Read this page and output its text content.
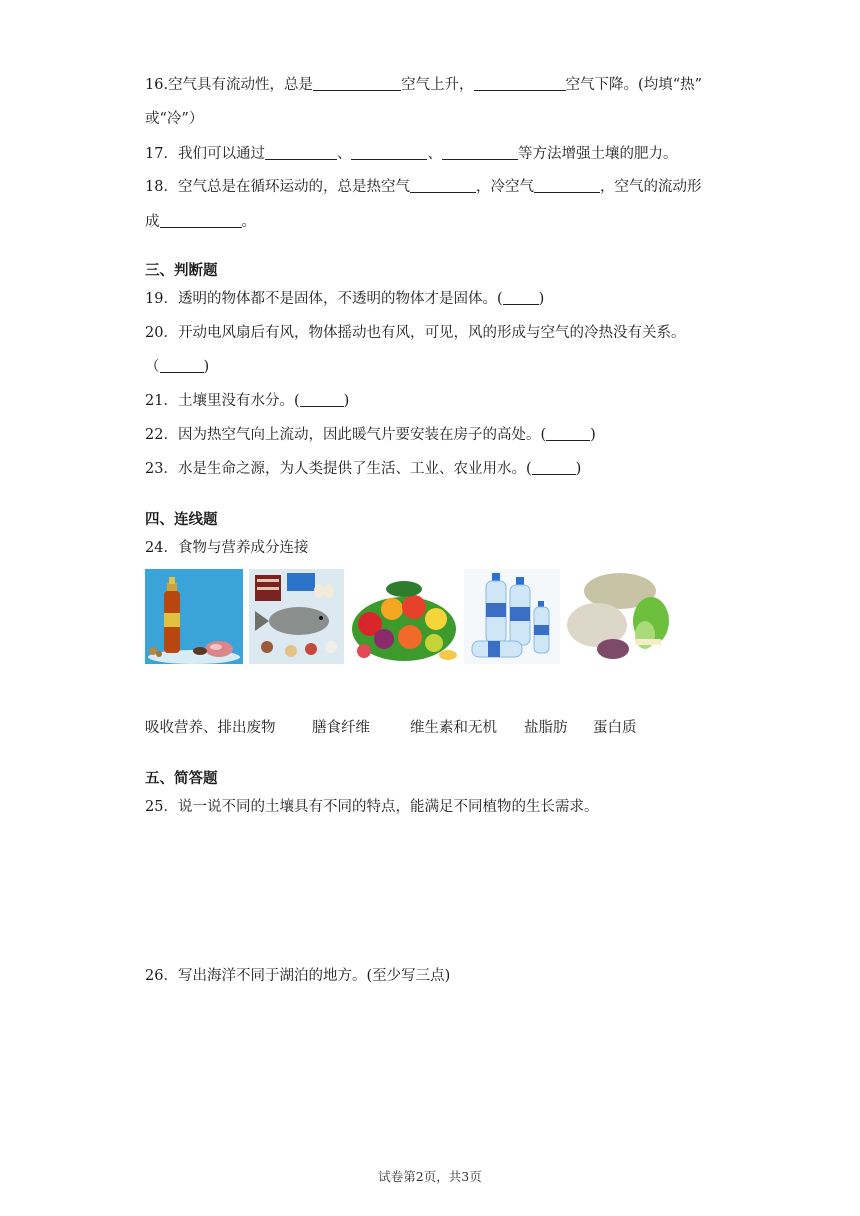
16.空气具有流动性，总是	空气上升，	空气下降。(均填“热”
或“冷”）
17．我们可以通过	、	、	等方法增强土壤的肥力。
18．空气总是在循环运动的，总是热空气	，冷空气	，空气的流动形
成	。
三、判断题
19．透明的物体都不是固体，不透明的物体才是固体。( )
20．开动电风扇后有风，物体摇动也有风，可见，风的形成与空气的冷热没有关系。
（	)
21．土壤里没有水分。(	)
22．因为热空气向上流动，因此暖气片要安装在房子的高处。(	)
23．水是生命之源，为人类提供了生活、工业、农业用水。(	)
四、连线题
24．食物与营养成分连接
吸收营养、排出废物	膳食纤维	维生素和无机 盐脂肪 蛋白质
五、简答题
25．说一说不同的土壤具有不同的特点，能满足不同植物的生长需求。
26．写出海洋不同于湖泊的地方。(至少写三点)
试卷第2页，共3页
